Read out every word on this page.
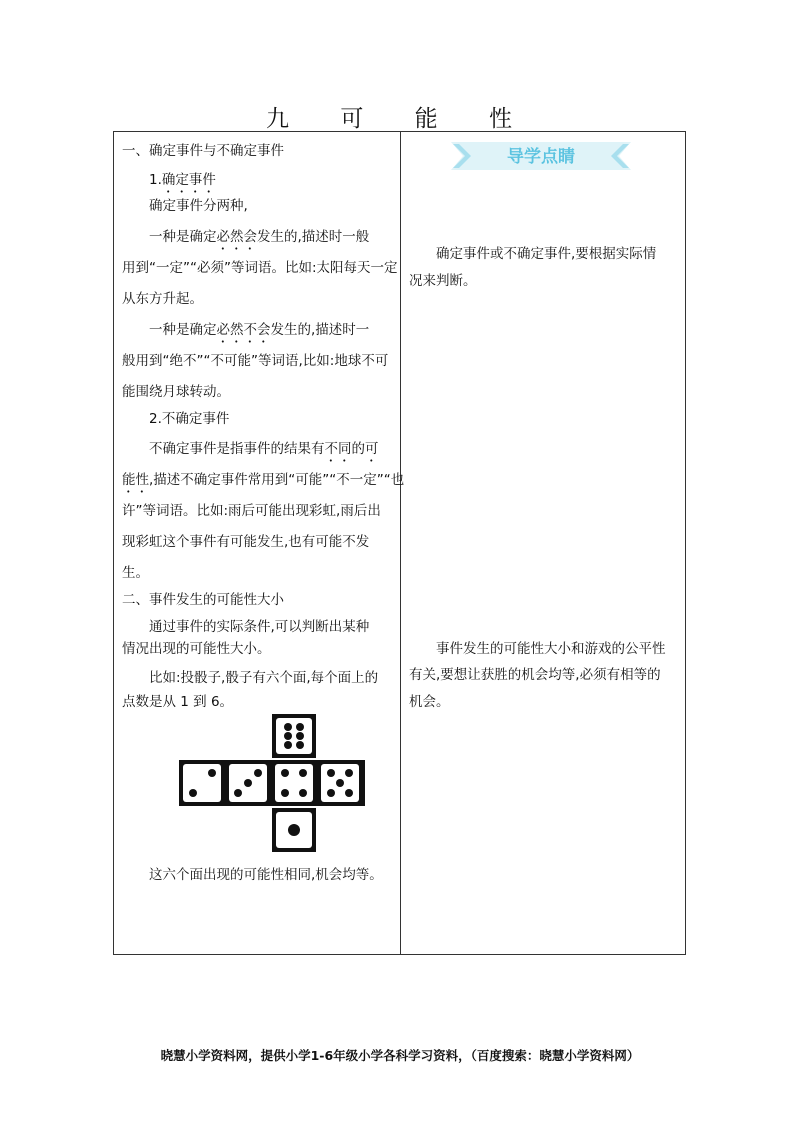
九 可 能 性
一、确定事件与不确定事件
1.确定事件
确定事件分两种,
一种是确定必然会发生的,描述时一般
用到“一定”“必须”等词语。比如:太阳每天一定
从东方升起。
一种是确定必然不会发生的,描述时一
般用到“绝不”“不可能”等词语,比如:地球不可
能围绕月球转动。
2.不确定事件
不确定事件是指事件的结果有不同的可
能性,描述不确定事件常用到“可能”“不一定”“也
许”等词语。比如:雨后可能出现彩虹,雨后出
现彩虹这个事件有可能发生,也有可能不发
生。
二、事件发生的可能性大小
通过事件的实际条件,可以判断出某种
情况出现的可能性大小。
比如:投骰子,骰子有六个面,每个面上的
点数是从 1 到 6。
这六个面出现的可能性相同,机会均等。
导学点睛
确定事件或不确定事件,要根据实际情
况来判断。
事件发生的可能性大小和游戏的公平性
有关,要想让获胜的机会均等,必须有相等的
机会。
晓慧小学资料网，提供小学1-6年级小学各科学习资料，（百度搜索：晓慧小学资料网）
